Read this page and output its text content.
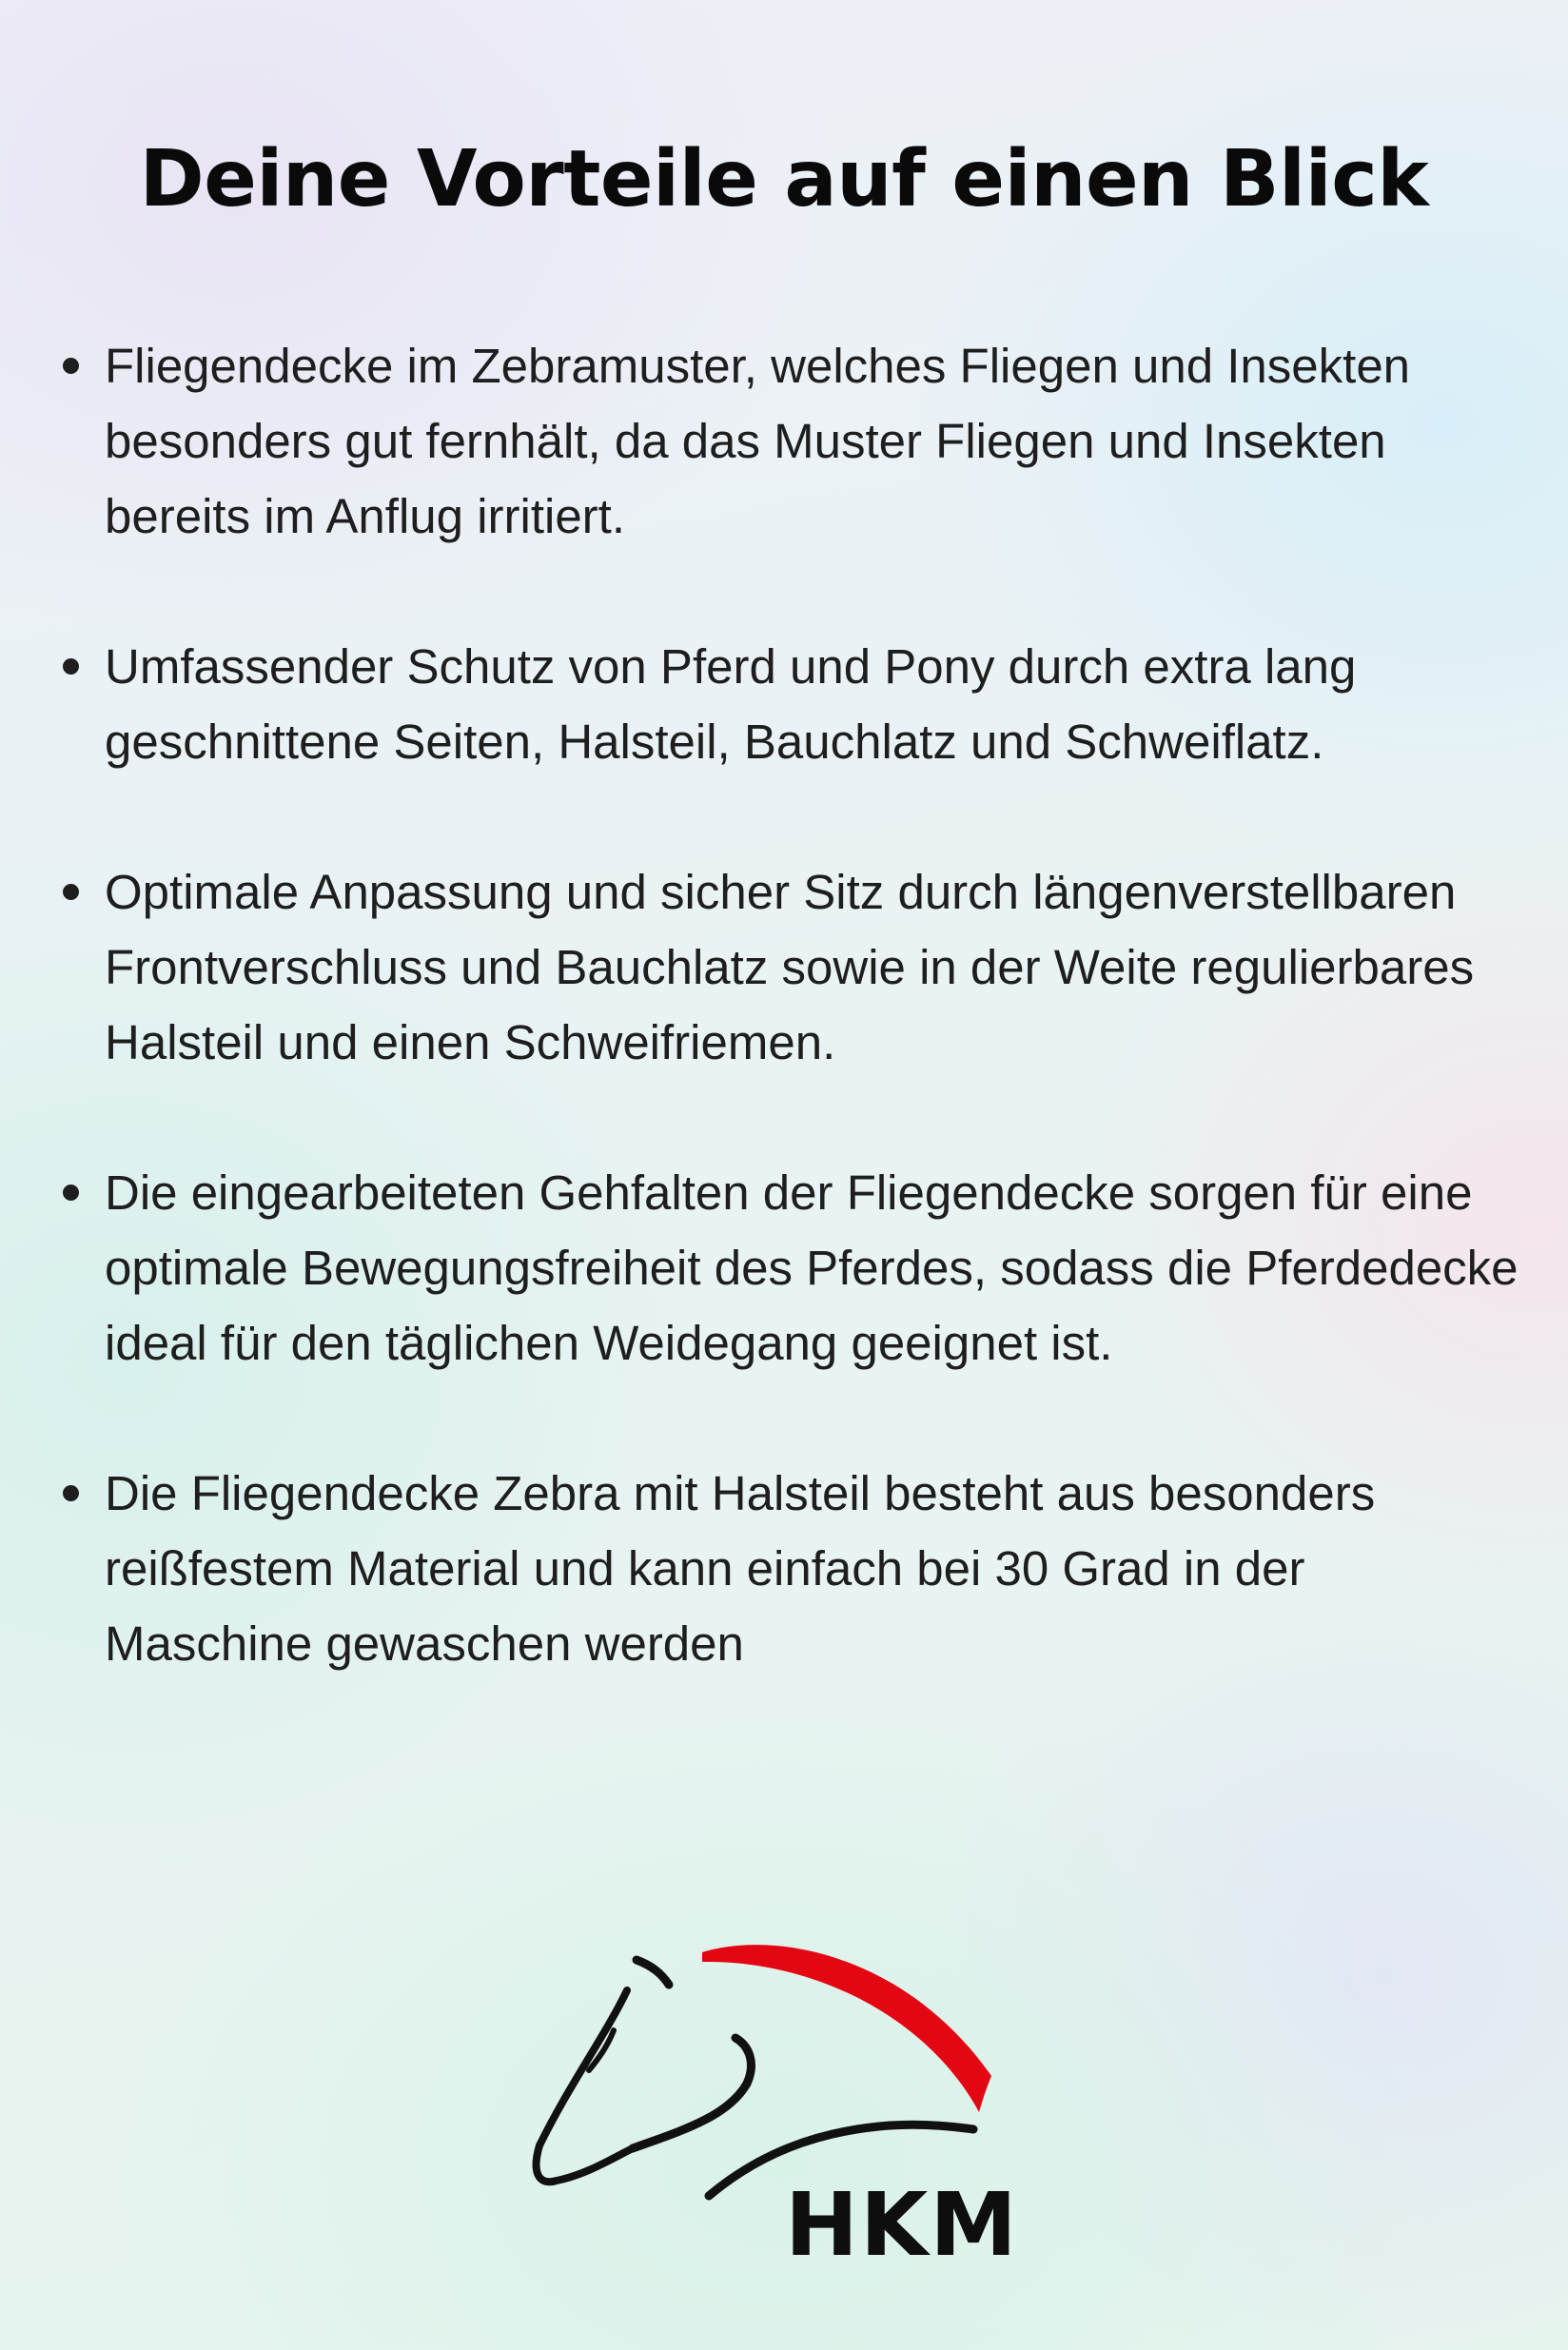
Deine Vorteile auf einen Blick
Fliegendecke im Zebramuster, welches Fliegen und Insekten besonders gut fernhält, da das Muster Fliegen und Insekten bereits im Anflug irritiert.
Umfassender Schutz von Pferd und Pony durch extra lang geschnittene Seiten, Halsteil, Bauchlatz und Schweiflatz.
Optimale Anpassung und sicher Sitz durch längenverstellbaren Frontverschluss und Bauchlatz sowie in der Weite regulierbares Halsteil und einen Schweifriemen.
Die eingearbeiteten Gehfalten der Fliegendecke sorgen für eine optimale Bewegungsfreiheit des Pferdes, sodass die Pferdedecke ideal für den täglichen Weidegang geeignet ist.
Die Fliegendecke Zebra mit Halsteil besteht aus besonders reißfestem Material und kann einfach bei 30 Grad in der Maschine gewaschen werden
HKM
